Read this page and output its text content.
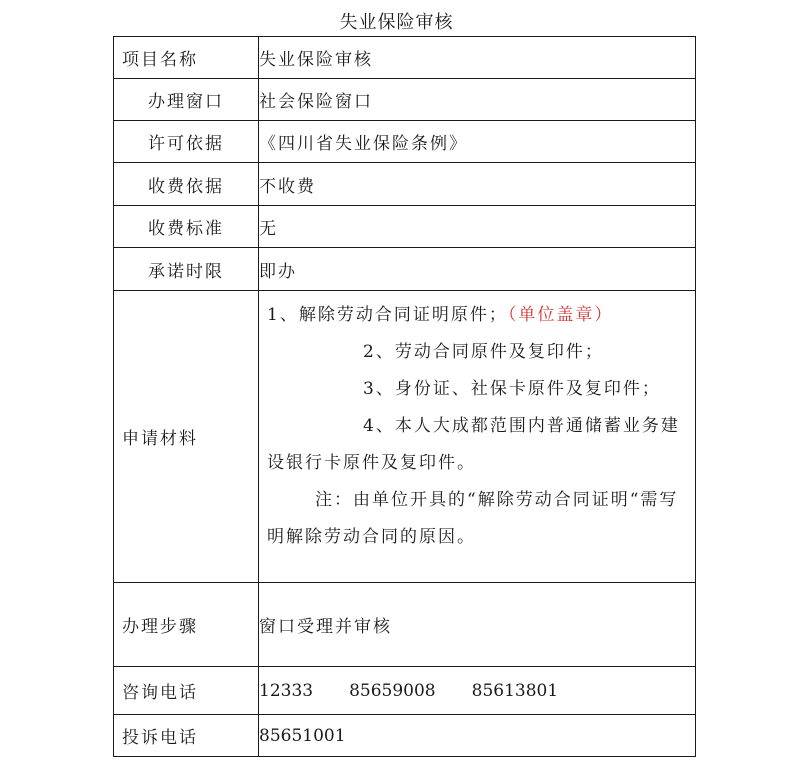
失业保险审核
项目名称	失业保险审核
办理窗口	社会保险窗口
许可依据	《四川省失业保险条例》
收费依据	不收费
收费标准	无
承诺时限	即办
申请材料	1、解除劳动合同证明原件；（单位盖章）

2、劳动合同原件及复印件；

3、身份证、社保卡原件及复印件；

4、本人大成都范围内普通储蓄业务建设银行卡原件及复印件。

注：由单位开具的“解除劳动合同证明“需写明解除劳动合同的原因。

办理步骤	窗口受理并审核
咨询电话	12333 85659008 85613801
投诉电话	85651001
